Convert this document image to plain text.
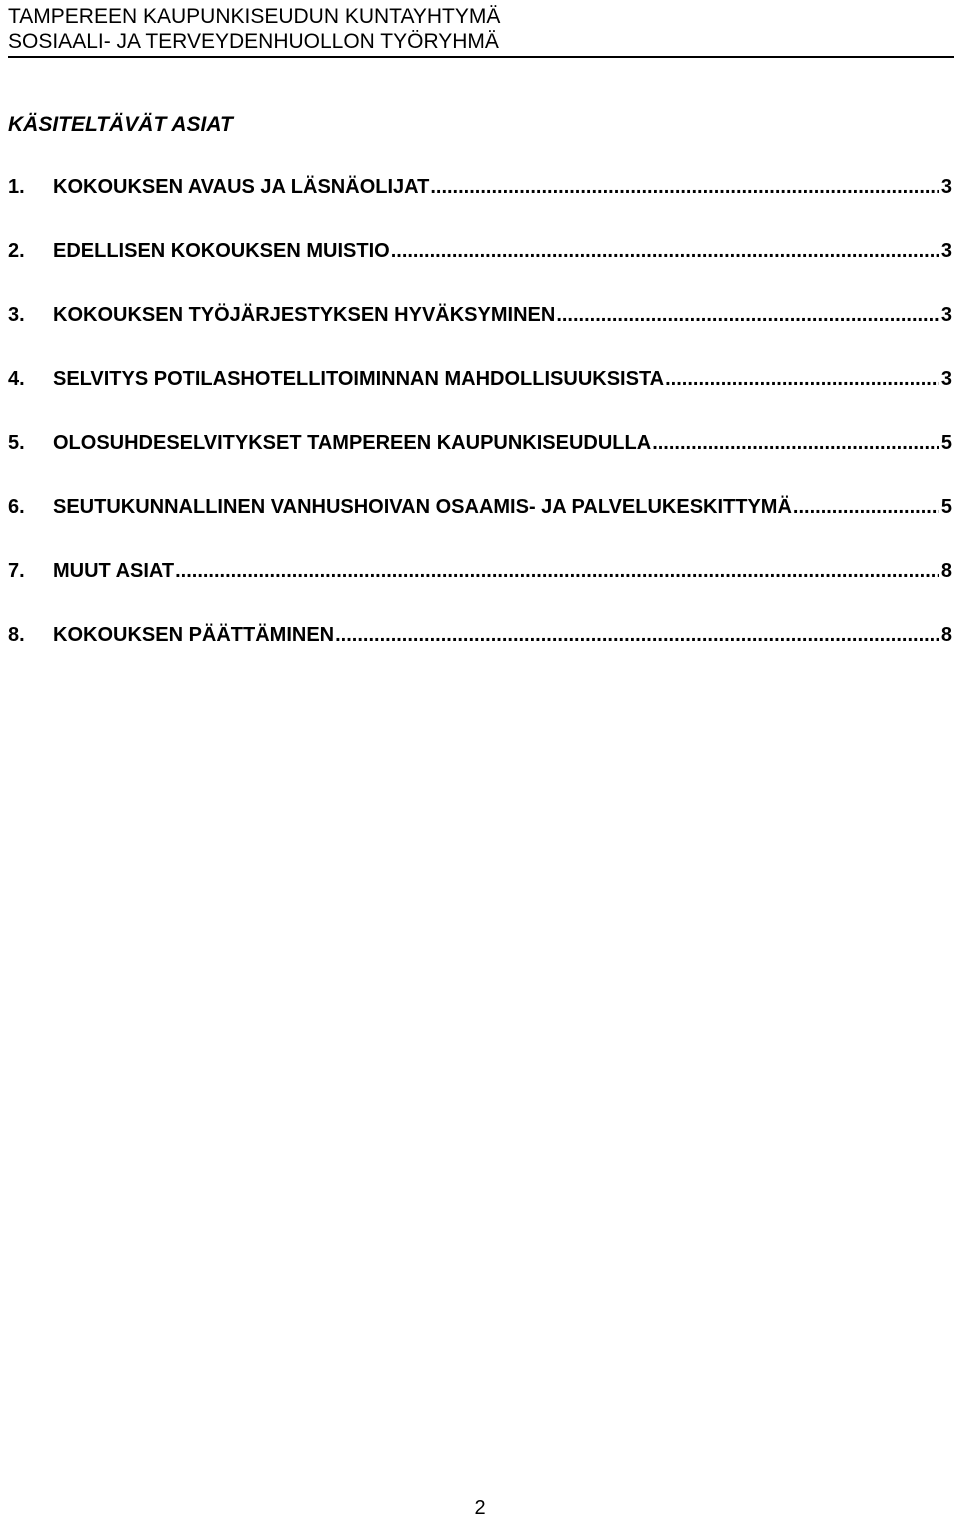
TAMPEREEN KAUPUNKISEUDUN KUNTAYHTYMÄ
SOSIAALI- JA TERVEYDENHUOLLON TYÖRYHMÄ
KÄSITELTÄVÄT ASIAT
1.	KOKOUKSEN AVAUS JA LÄSNÄOLIJAT .....	3
2.	EDELLISEN KOKOUKSEN MUISTIO .....	3
3.	KOKOUKSEN TYÖJÄRJESTYKSEN HYVÄKSYMINEN .....	3
4.	SELVITYS POTILASHOTELLITOIMINNAN MAHDOLLISUUKSISTA .....	3
5.	OLOSUHDESELVITYKSET TAMPEREEN KAUPUNKISEUDULLA .....	5
6.	SEUTUKUNNALLINEN VANHUSHOIVAN OSAAMIS- JA PALVELUKESKITTYMÄ .....	5
7.	MUUT ASIAT .....	8
8.	KOKOUKSEN PÄÄTTÄMINEN .....	8
2
